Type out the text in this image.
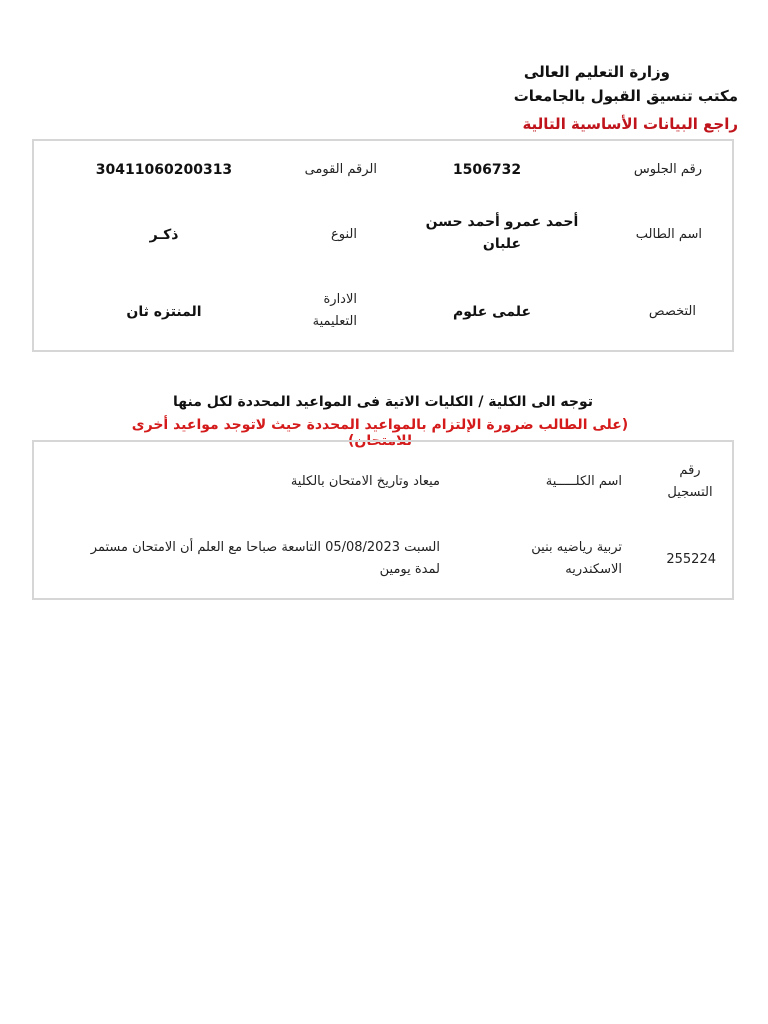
وزارة التعليم العالى
مكتب تنسيق القبول بالجامعات
راجع البيانات الأساسية التالية
رقم الجلوس
1506732
الرقم القومى
30411060200313
اسم الطالب
أحمد عمرو أحمد حسن علبان
النوع
ذكـر
التخصص
علمى علوم
الادارة التعليمية
المنتزه ثان
توجه الى الكلية / الكليات الاتية فى المواعيد المحددة لكل منها
(على الطالب ضرورة الإلتزام بالمواعيد المحددة حيث لاتوجد مواعيد أخرى للامتحان)
رقم التسجيل
اسم الكلـــــية
ميعاد وتاريخ الامتحان بالكلية
255224
تربية رياضيه بنين الاسكندريه
السبت 05/08/2023 التاسعة صباحا مع العلم أن الامتحان مستمر لمدة يومين
